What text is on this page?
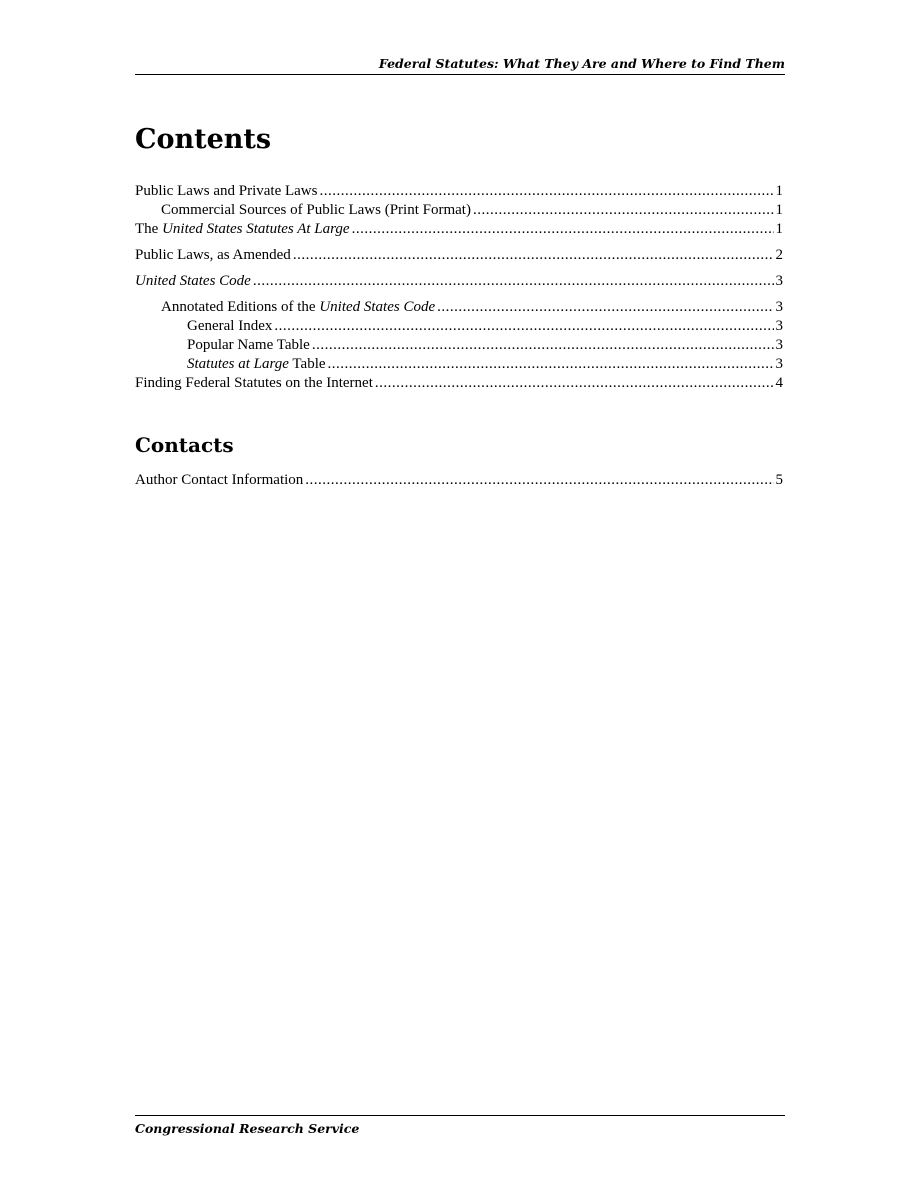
Federal Statutes: What They Are and Where to Find Them
Contents
Public Laws and Private Laws .....	1
Commercial Sources of Public Laws (Print Format) .....	1
The United States Statutes At Large .....	1
Public Laws, as Amended .....	2
United States Code .....	3
Annotated Editions of the United States Code .....	3
General Index .....	3
Popular Name Table .....	3
Statutes at Large Table .....	3
Finding Federal Statutes on the Internet .....	4
Contacts
Author Contact Information .....	5
Congressional Research Service
